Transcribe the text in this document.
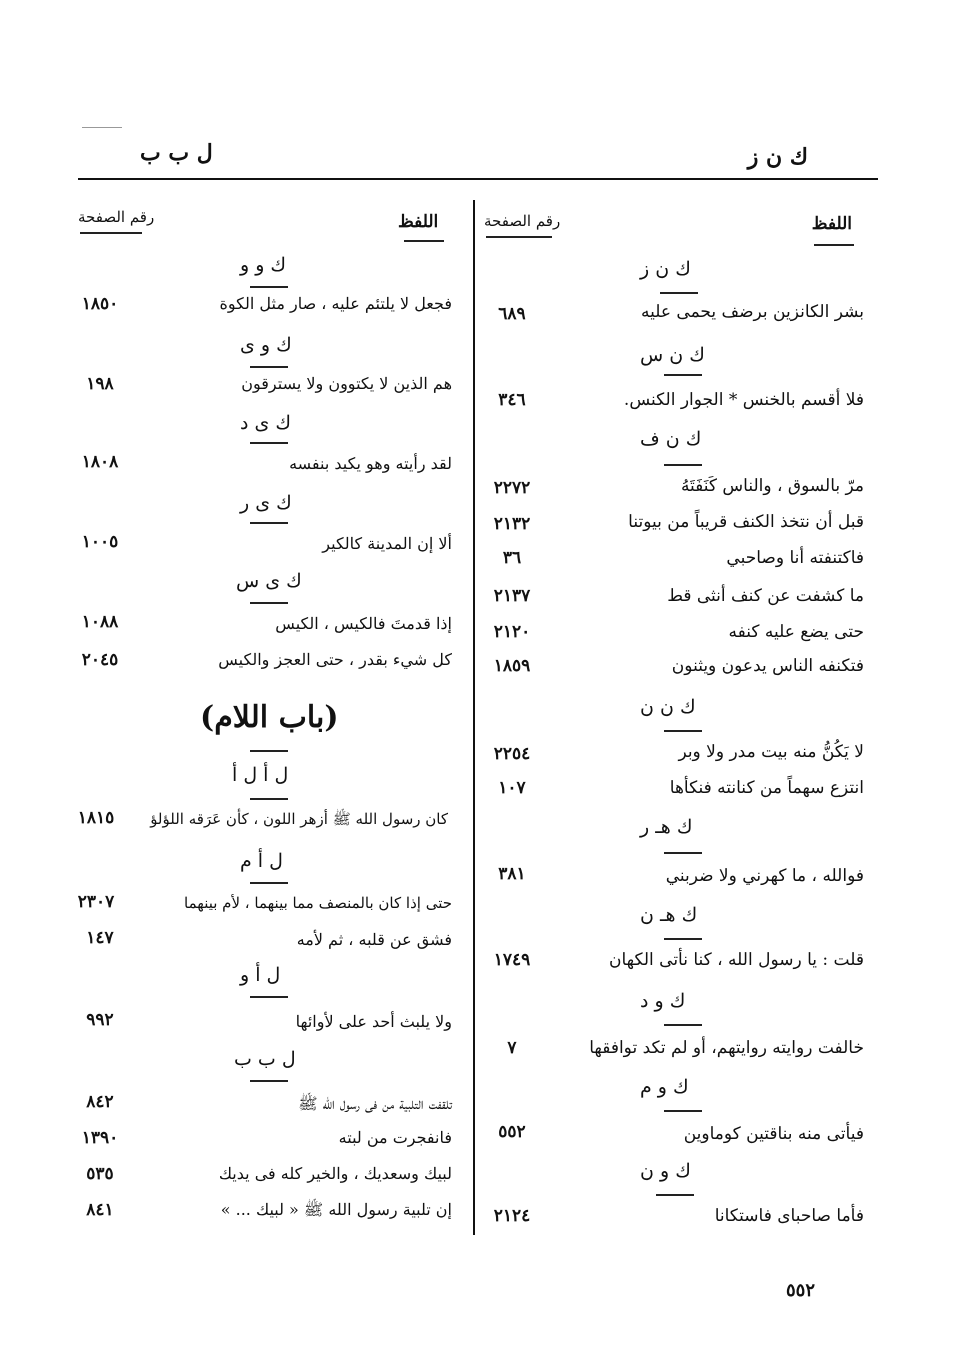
ك ن ز
ل ب ب
اللفظ
رقم الصفحة
اللفظ
رقم الصفحة
ك ن ز
بشر الكانزين برضف يحمى عليه
٦٨٩
ك ن س
فلا أقسم بالخنس * الجوار الكنس.
٣٤٦
ك ن ف
مرّ بالسوق ، والناس كَنَفَتَهُ
٢٢٧٢
قبل أن نتخذ الكنف قريباً من بيوتنا
٢١٣٢
فاكتنفته أنا وصاحبي
٣٦
ما كشفت عن كنف أنثى قط
٢١٣٧
حتى يضع عليه كنفه
٢١٢٠
فتكنفه الناس يدعون ويثنون
١٨٥٩
ك ن ن
لا يَكُنُّ منه بيت مدر ولا وبر
٢٢٥٤
انتزع سهماً من كنانته فنكأها
١٠٧
ك هـ ر
فوالله ، ما كهرني ولا ضربني
٣٨١
ك هـ ن
قلت : يا رسول الله ، كنا نأتى الكهان
١٧٤٩
ك و د
خالفت روايته روايتهم، أو لم تكد توافقها
٧
ك و م
فيأتى منه بناقتين كوماوين
٥٥٢
ك و ن
فأما صاحباى فاستكانا
٢١٢٤
ك و و
فجعل لا يلتئم عليه ، صار مثل الكوة
١٨٥٠
ك و ى
هم الذين لا يكتوون ولا يسترقون
١٩٨
ك ى د
لقد رأيته وهو يكيد بنفسه
١٨٠٨
ك ى ر
ألا إن المدينة كالكير
١٠٠٥
ك ى س
إذا قدمتَ فالكيس ، الكيس
١٠٨٨
كل شيء بقدر ، حتى العجز والكيس
٢٠٤٥
(باب اللام)
ل أ ل أ
كان رسول الله ﷺ أزهر اللون ، كأن عَرَقه اللؤلؤ
١٨١٥
ل أ م
حتى إذا كان بالمنصف مما بينهما ، لأم بينهما
٢٣٠٧
فشق عن قلبه ، ثم لأمه
١٤٧
ل أ و
ولا يلبث أحد على لأوائها
٩٩٢
ل ب ب
تلقفت التلبية من فى رسول الله ﷺ
٨٤٢
فانفجرت من لبته
١٣٩٠
لبيك وسعديك ، والخير كله فى يديك
٥٣٥
إن تلبية رسول الله ﷺ « لبيك ... »
٨٤١
٥٥٢
